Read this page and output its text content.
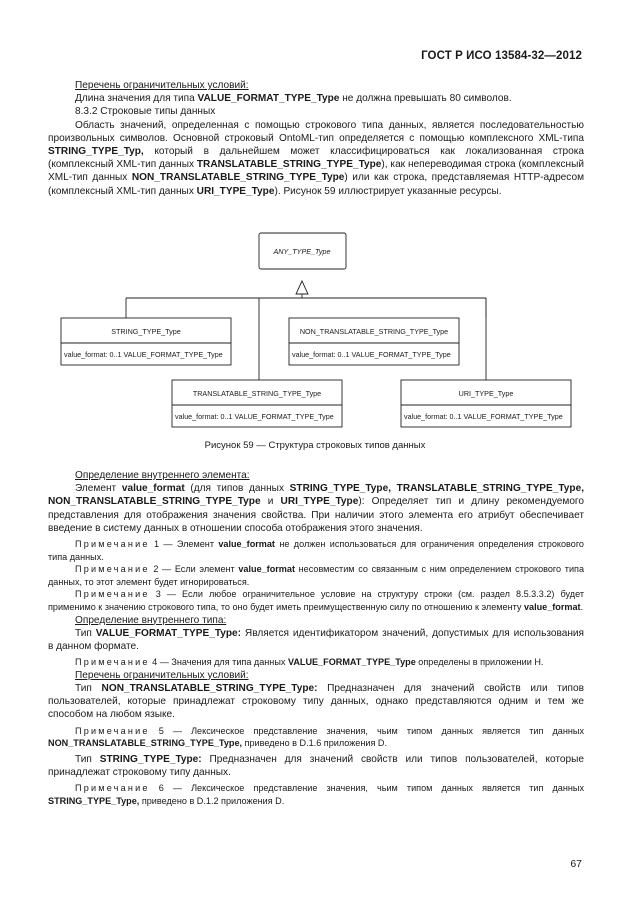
ГОСТ Р ИСО 13584-32—2012

Перечень ограничительных условий:

Длина значения для типа VALUE_FORMAT_TYPE_Type не должна превышать 80 символов.

8.3.2 Строковые типы данных

Область значений, определенная с помощью строкового типа данных, является последовательностью произвольных символов. Основной строковый OntoML-тип определяется с помощью комплексного XML-типа STRING_TYPE_Typ, который в дальнейшем может классифицироваться как локализованная строка (комплексный XML-тип данных TRANSLATABLE_STRING_TYPE_Type), как непереводимая строка (комплексный XML-тип данных NON_TRANSLATABLE_STRING_TYPE_Type) или как строка, представляемая HTTP-адресом (комплексный XML-тип данных URI_TYPE_Type). Рисунок 59 иллюстрирует указанные ресурсы.

ANY_TYPE_Type
STRING_TYPE_Type
value_format: 0..1 VALUE_FORMAT_TYPE_Type
NON_TRANSLATABLE_STRING_TYPE_Type
value_format: 0..1 VALUE_FORMAT_TYPE_Type
TRANSLATABLE_STRING_TYPE_Type
value_format: 0..1 VALUE_FORMAT_TYPE_Type
URI_TYPE_Type
value_format: 0..1 VALUE_FORMAT_TYPE_Type
Рисунок 59 — Структура строковых типов данных

Определение внутреннего элемента:

Элемент value_format (для типов данных STRING_TYPE_Type, TRANSLATABLE_STRING_TYPE_Type, NON_TRANSLATABLE_STRING_TYPE_Type и URI_TYPE_Type): Определяет тип и длину рекомендуемого представления для отображения значения свойства. При наличии этого элемента его атрибут обеспечивает введение в систему данных в отношении способа отображения этого значения.

Примечание 1 — Элемент value_format не должен использоваться для ограничения определения строкового типа данных.

Примечание 2 — Если элемент value_format несовместим со связанным с ним определением строкового типа данных, то этот элемент будет игнорироваться.

Примечание 3 — Если любое ограничительное условие на структуру строки (см. раздел 8.5.3.3.2) будет применимо к значению строкового типа, то оно будет иметь преимущественную силу по отношению к элементу value_format.

Определение внутреннего типа:

Тип VALUE_FORMAT_TYPE_Type: Является идентификатором значений, допустимых для использования в данном формате.

Примечание 4 — Значения для типа данных VALUE_FORMAT_TYPE_Type определены в приложении H.

Перечень ограничительных условий:

Тип NON_TRANSLATABLE_STRING_TYPE_Type: Предназначен для значений свойств или типов пользователей, которые принадлежат строковому типу данных, однако представляются одним и тем же способом на любом языке.

Примечание 5 — Лексическое представление значения, чьим типом данных является тип данных NON_TRANSLATABLE_STRING_TYPE_Type, приведено в D.1.6 приложения D.

Тип STRING_TYPE_Type: Предназначен для значений свойств или типов пользователей, которые принадлежат строковому типу данных.

Примечание 6 — Лексическое представление значения, чьим типом данных является тип данных STRING_TYPE_Type, приведено в D.1.2 приложения D.

67
